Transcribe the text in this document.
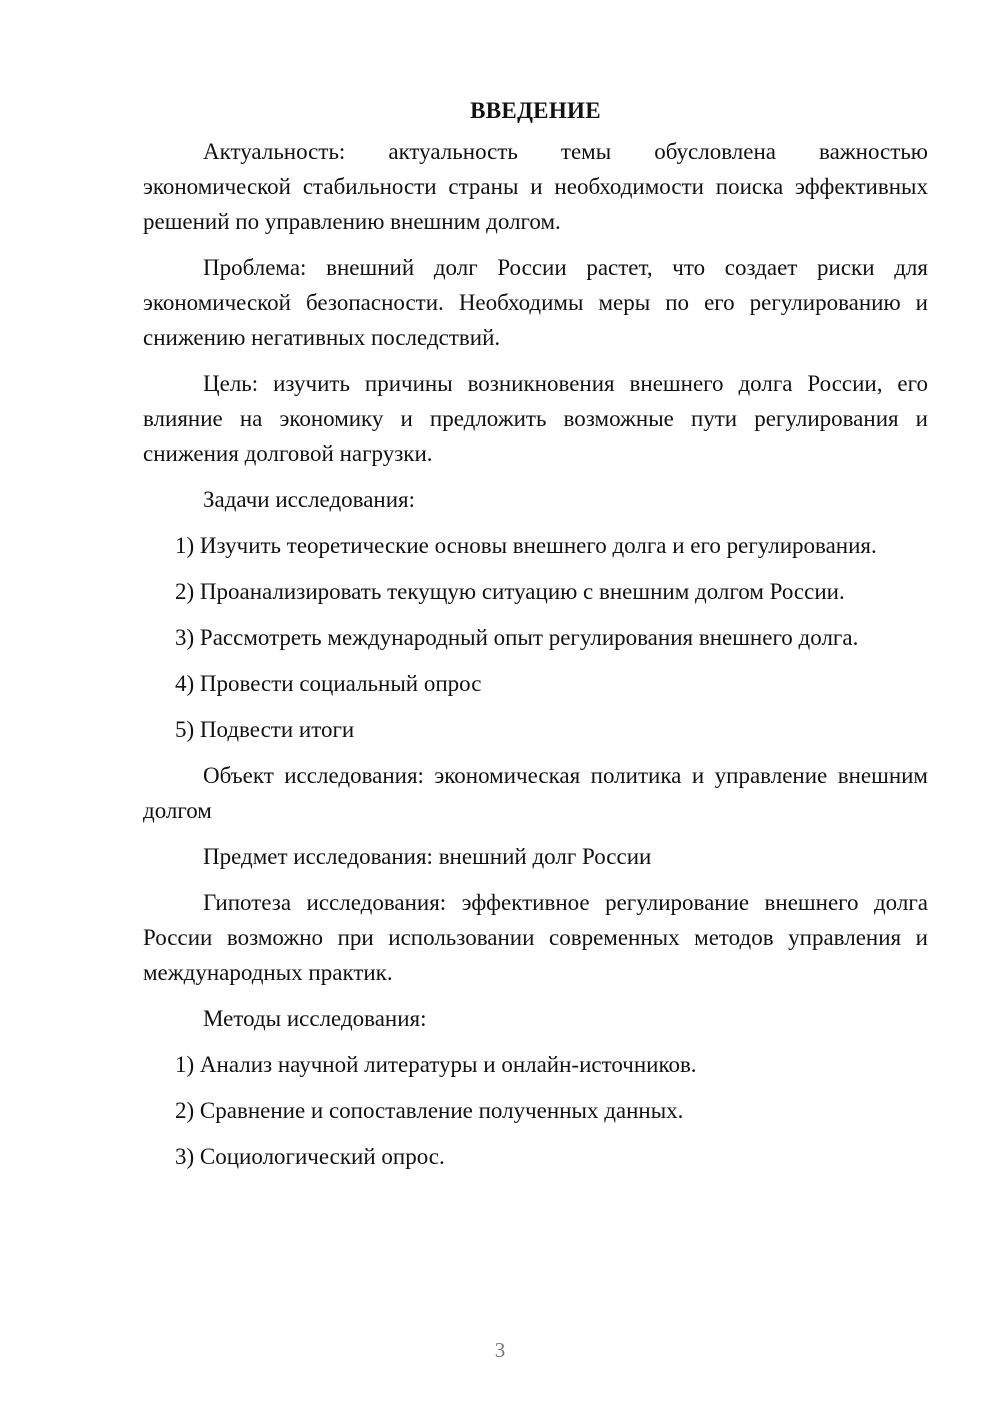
ВВЕДЕНИЕ

Актуальность: актуальность темы обусловлена важностью экономической стабильности страны и необходимости поиска эффективных решений по управлению внешним долгом.

Проблема: внешний долг России растет, что создает риски для экономической безопасности. Необходимы меры по его регулированию и снижению негативных последствий.

Цель: изучить причины возникновения внешнего долга России, его влияние на экономику и предложить возможные пути регулирования и снижения долговой нагрузки.

Задачи исследования:

1) Изучить теоретические основы внешнего долга и его регулирования.

2) Проанализировать текущую ситуацию с внешним долгом России.

3) Рассмотреть международный опыт регулирования внешнего долга.

4) Провести социальный опрос

5) Подвести итоги

Объект исследования: экономическая политика и управление внешним долгом

Предмет исследования: внешний долг России

Гипотеза исследования: эффективное регулирование внешнего долга России возможно при использовании современных методов управления и международных практик.

Методы исследования:

1) Анализ научной литературы и онлайн-источников.

2) Сравнение и сопоставление полученных данных.

3) Социологический опрос.

3
